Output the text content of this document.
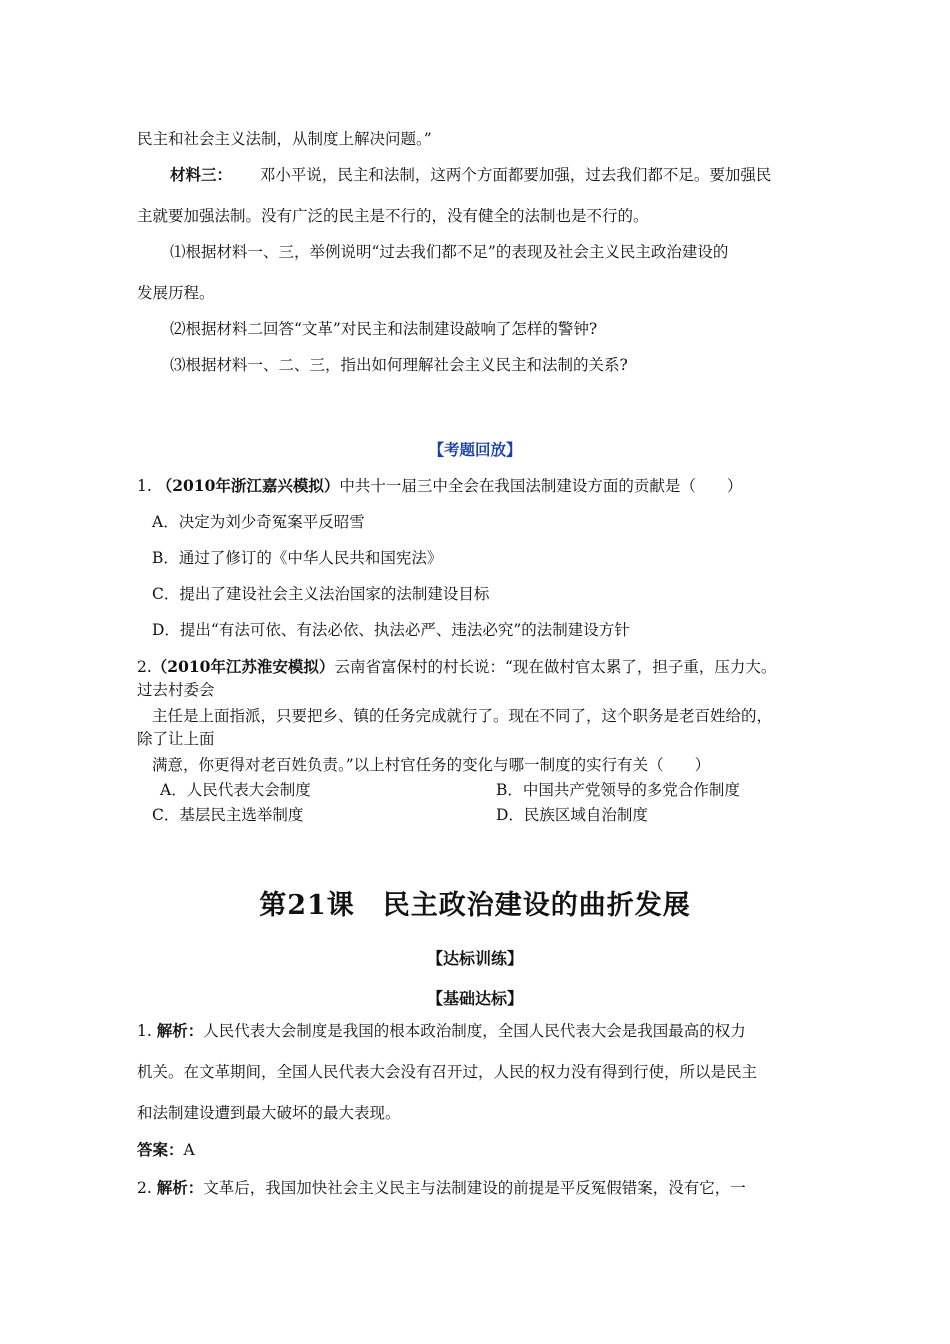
民主和社会主义法制，从制度上解决问题。”
材料三： 邓小平说，民主和法制，这两个方面都要加强，过去我们都不足。要加强民
主就要加强法制。没有广泛的民主是不行的，没有健全的法制也是不行的。
⑴根据材料一、三，举例说明“过去我们都不足”的表现及社会主义民主政治建设的
发展历程。
⑵根据材料二回答“文革”对民主和法制建设敲响了怎样的警钟?
⑶根据材料一、二、三，指出如何理解社会主义民主和法制的关系?
【考题回放】
1. （2010年浙江嘉兴模拟）中共十一届三中全会在我国法制建设方面的贡献是（　　）
A．决定为刘少奇冤案平反昭雪
B．通过了修订的《中华人民共和国宪法》
C．提出了建设社会主义法治国家的法制建设目标
D．提出“有法可依、有法必依、执法必严、违法必究”的法制建设方针
2.（2010年江苏淮安模拟）云南省富保村的村长说：“现在做村官太累了，担子重，压力大。
过去村委会
主任是上面指派，只要把乡、镇的任务完成就行了。现在不同了，这个职务是老百姓给的，
除了让上面
满意，你更得对老百姓负责。”以上村官任务的变化与哪一制度的实行有关（　　）
A．人民代表大会制度	B．中国共产党领导的多党合作制度
C．基层民主选举制度	D．民族区域自治制度
第21课　民主政治建设的曲折发展
【达标训练】
【基础达标】
1. 解析：人民代表大会制度是我国的根本政治制度，全国人民代表大会是我国最高的权力
机关。在文革期间，全国人民代表大会没有召开过，人民的权力没有得到行使，所以是民主
和法制建设遭到最大破坏的最大表现。
答案：A
2. 解析：文革后，我国加快社会主义民主与法制建设的前提是平反冤假错案，没有它，一
